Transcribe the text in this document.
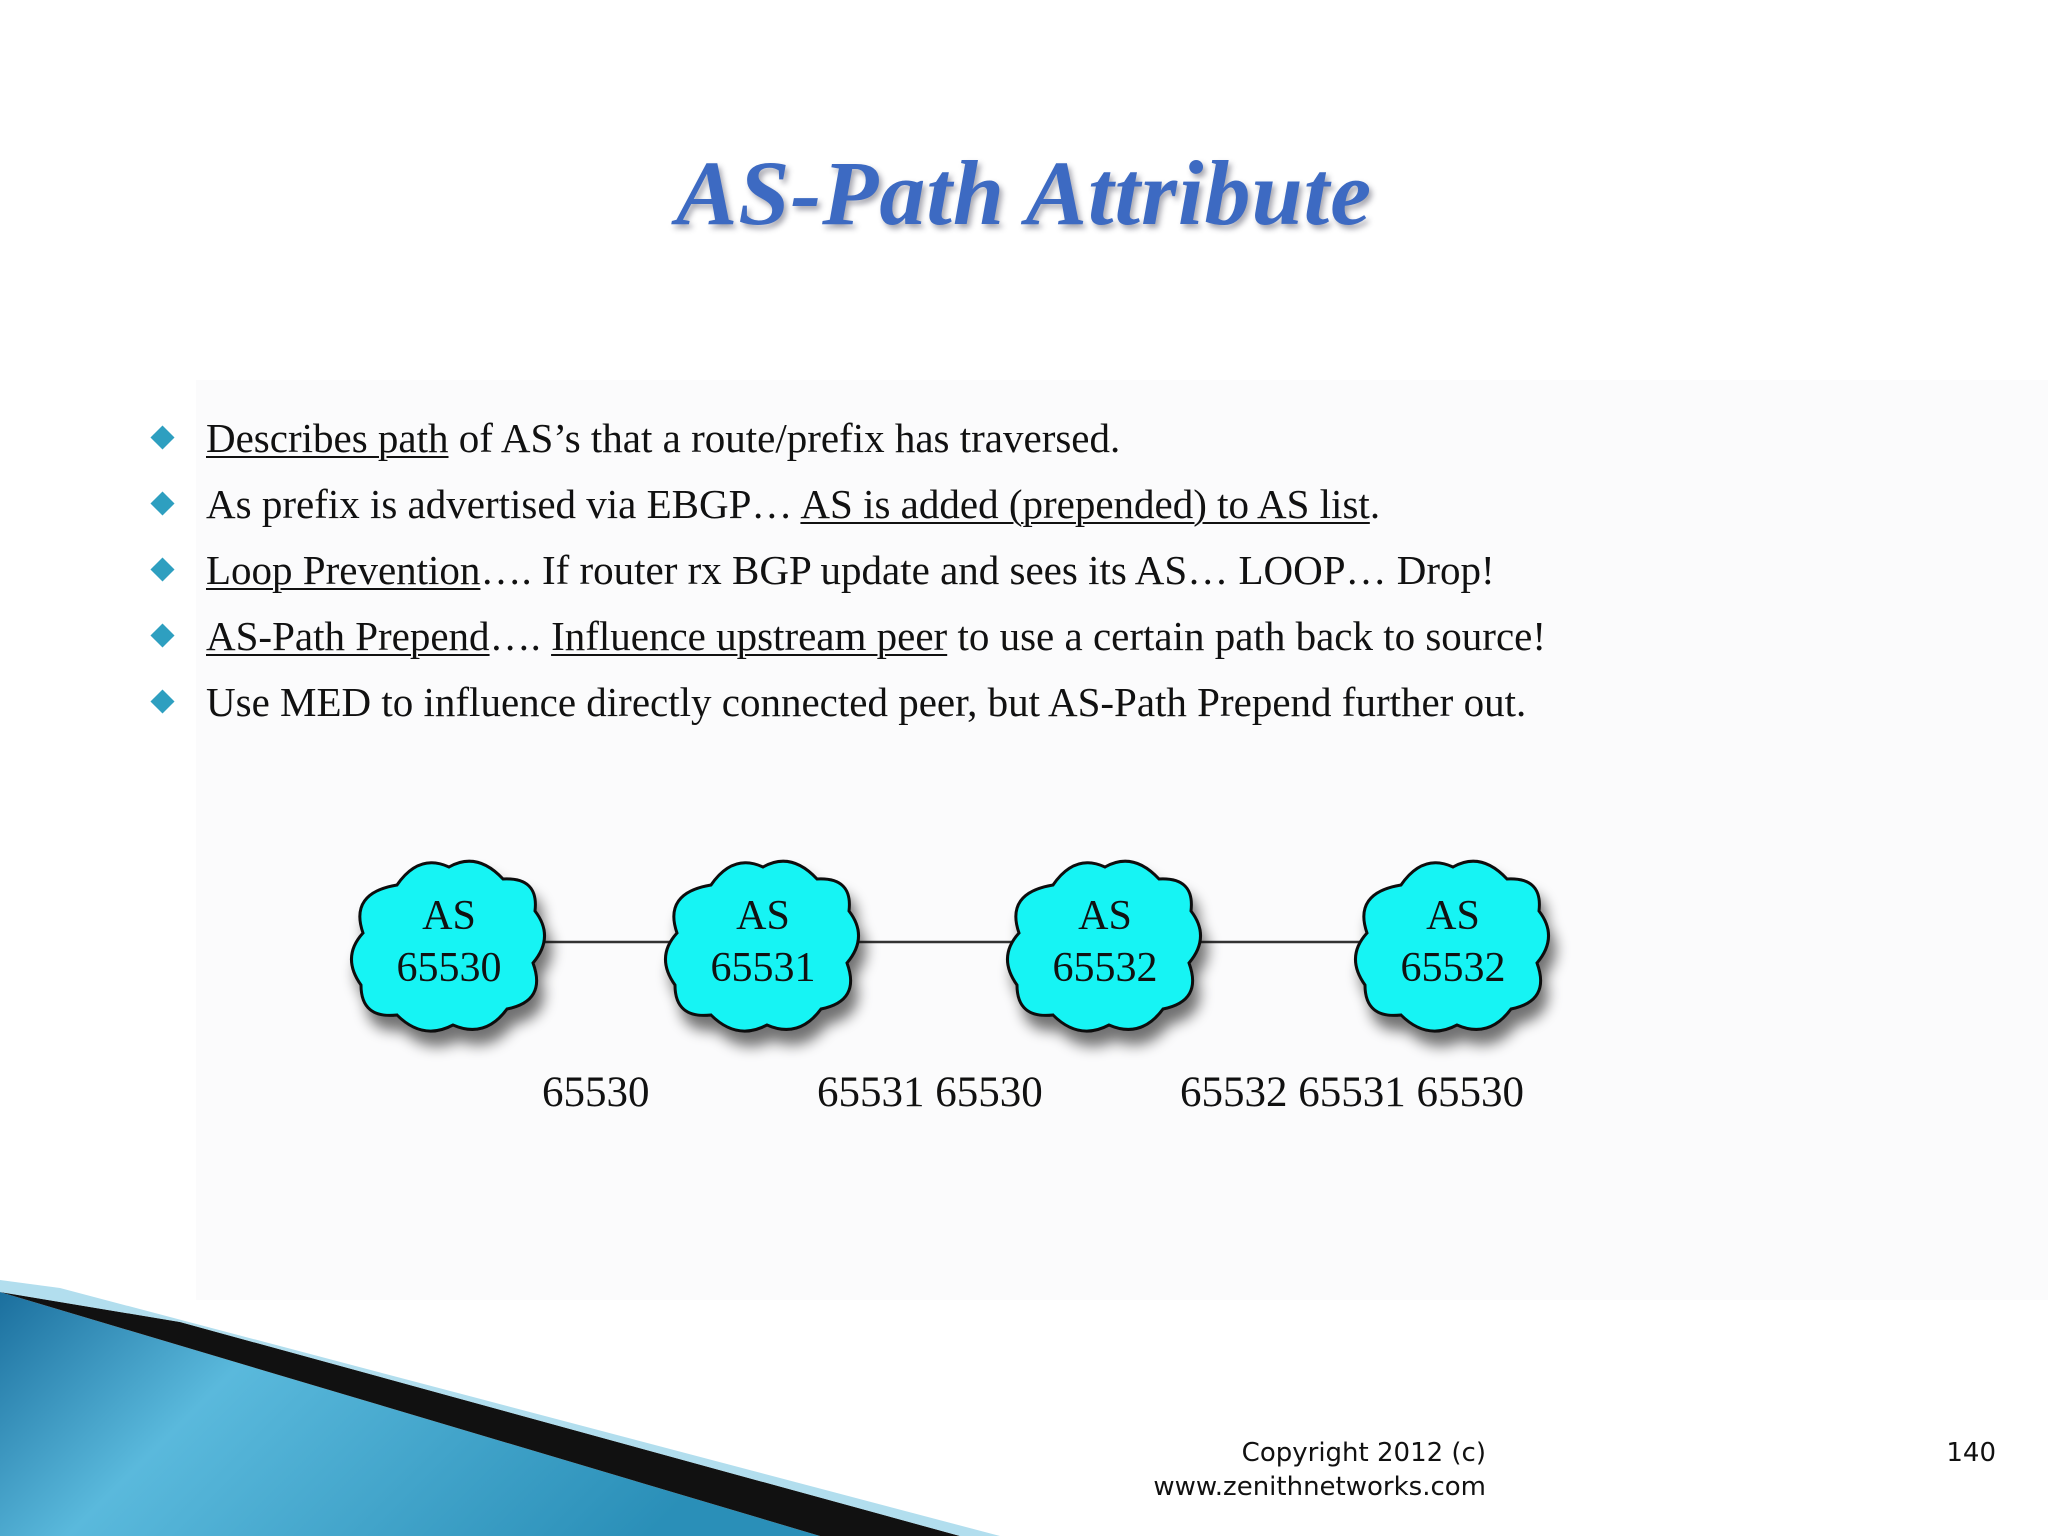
AS-Path Attribute
Describes path of AS’s that a route/prefix has traversed.
As prefix is advertised via EBGP… AS is added (prepended) to AS list.
Loop Prevention…. If router rx BGP update and sees its AS… LOOP… Drop!
AS-Path Prepend…. Influence upstream peer to use a certain path back to source!
Use MED to influence directly connected peer, but AS-Path Prepend further out.
AS
65530
AS
65531
AS
65532
AS
65532
65530	65531 65530	65532 65531 65530
Copyright 2012 (c)
www.zenithnetworks.com
140
